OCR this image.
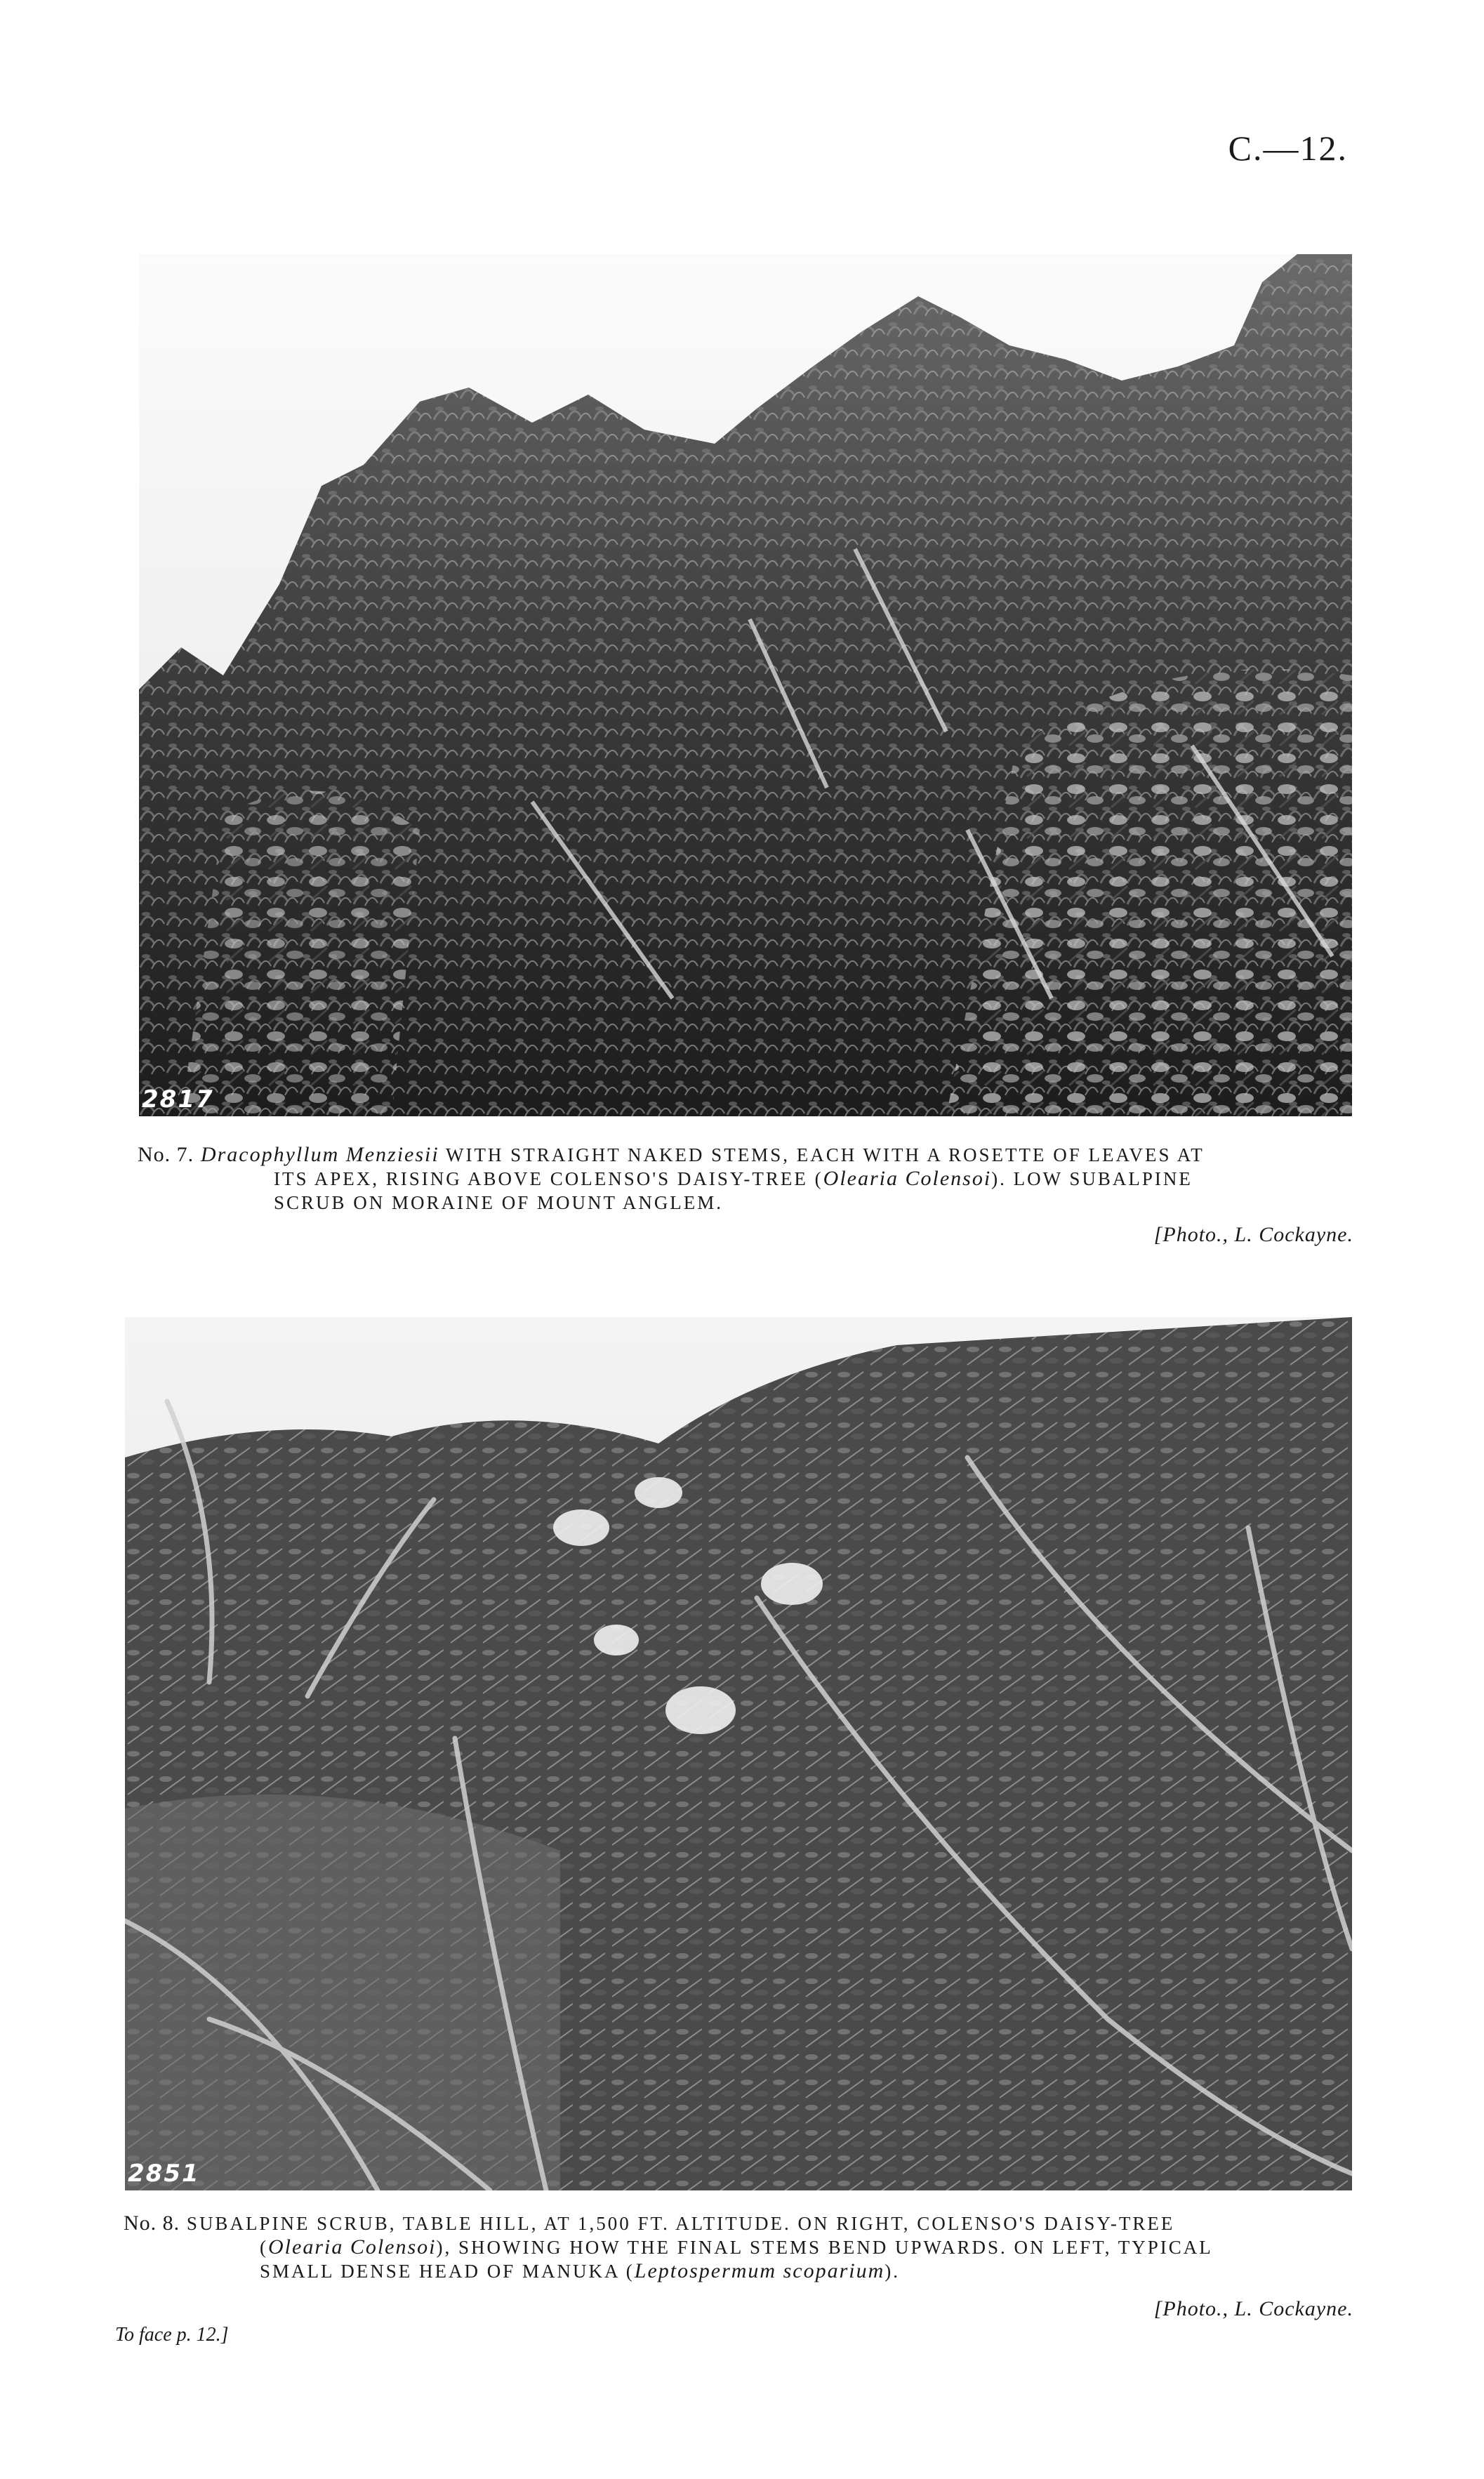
C.—12.
2817
No. 7. Dracophyllum Menziesii WITH STRAIGHT NAKED STEMS, EACH WITH A ROSETTE OF LEAVES AT
ITS APEX, RISING ABOVE COLENSO'S DAISY-TREE (Olearia Colensoi). LOW SUBALPINE
SCRUB ON MORAINE OF MOUNT ANGLEM.
[Photo., L. Cockayne.
2851
No. 8. SUBALPINE SCRUB, TABLE HILL, AT 1,500 FT. ALTITUDE. ON RIGHT, COLENSO'S DAISY-TREE
(Olearia Colensoi), SHOWING HOW THE FINAL STEMS BEND UPWARDS. ON LEFT, TYPICAL
SMALL DENSE HEAD OF MANUKA (Leptospermum scoparium).
[Photo., L. Cockayne.
To face p. 12.]
